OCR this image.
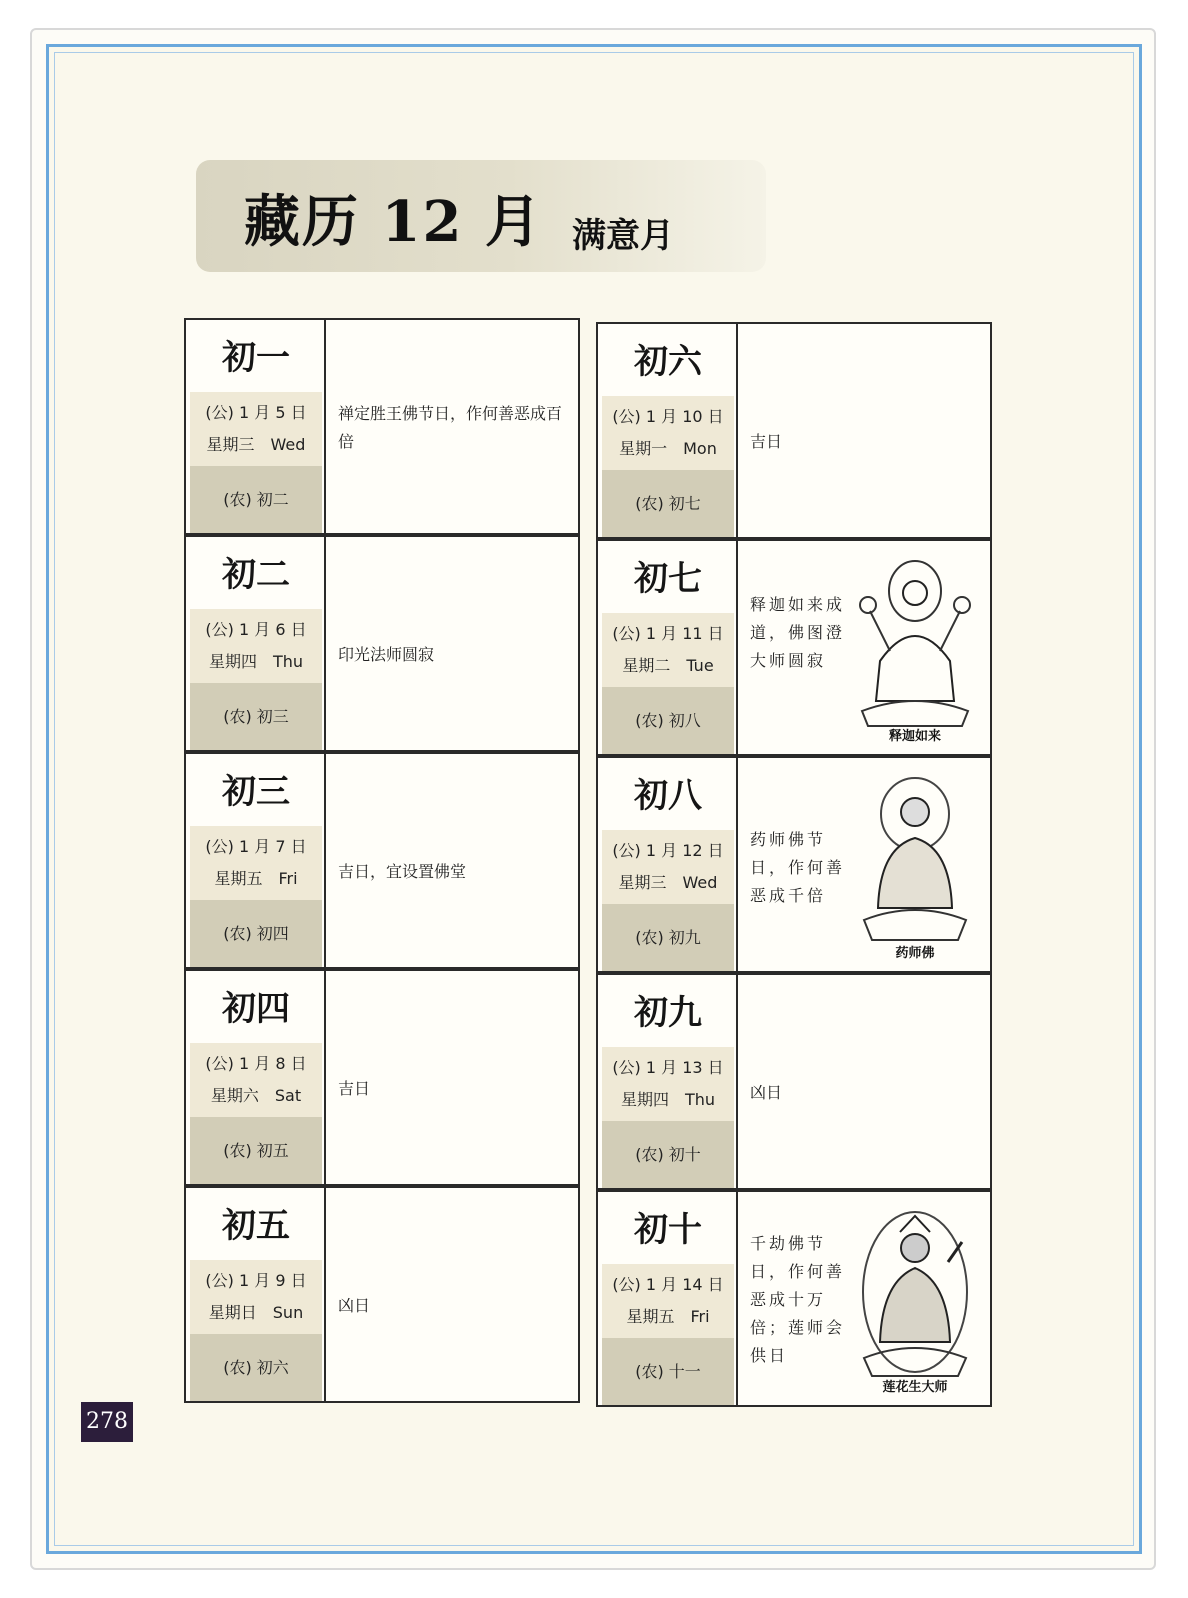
藏历 12 月 满意月
初一
(公) 1 月 5 日
星期三　Wed
(农) 初二
禅定胜王佛节日，作何善恶成百倍
初二
(公) 1 月 6 日
星期四　Thu
(农) 初三
印光法师圆寂
初三
(公) 1 月 7 日
星期五　Fri
(农) 初四
吉日，宜设置佛堂
初四
(公) 1 月 8 日
星期六　Sat
(农) 初五
吉日
初五
(公) 1 月 9 日
星期日　Sun
(农) 初六
凶日
初六
(公) 1 月 10 日
星期一　Mon
(农) 初七
吉日
初七
(公) 1 月 11 日
星期二　Tue
(农) 初八
释迦如来成道，佛图澄大师圆寂
释迦如来
初八
(公) 1 月 12 日
星期三　Wed
(农) 初九
药师佛节日，作何善恶成千倍
药师佛
初九
(公) 1 月 13 日
星期四　Thu
(农) 初十
凶日
初十
(公) 1 月 14 日
星期五　Fri
(农) 十一
千劫佛节日，作何善恶成十万倍；莲师会供日
莲花生大师
278
